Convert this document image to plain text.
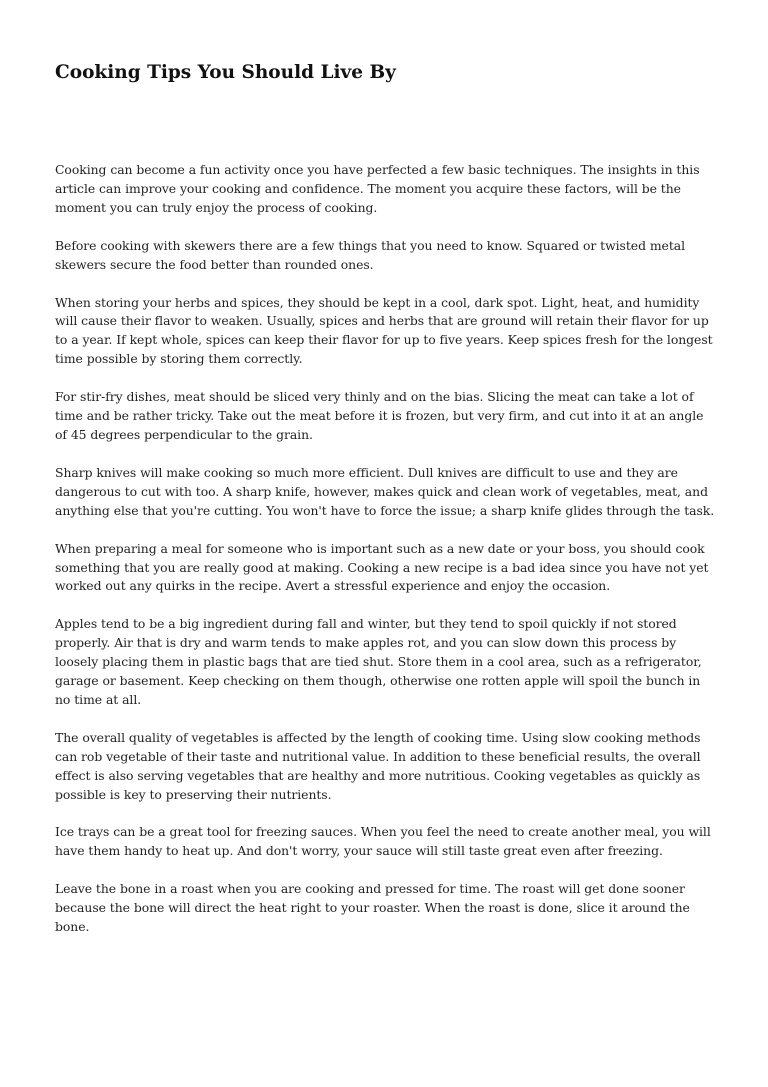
Cooking Tips You Should Live By

Cooking can become a fun activity once you have perfected a few basic techniques. The insights in this article can improve your cooking and confidence. The moment you acquire these factors, will be the moment you can truly enjoy the process of cooking.

Before cooking with skewers there are a few things that you need to know. Squared or twisted metal skewers secure the food better than rounded ones.

When storing your herbs and spices, they should be kept in a cool, dark spot. Light, heat, and humidity will cause their flavor to weaken. Usually, spices and herbs that are ground will retain their flavor for up to a year. If kept whole, spices can keep their flavor for up to five years. Keep spices fresh for the longest time possible by storing them correctly.

For stir-fry dishes, meat should be sliced very thinly and on the bias. Slicing the meat can take a lot of time and be rather tricky. Take out the meat before it is frozen, but very firm, and cut into it at an angle of 45 degrees perpendicular to the grain.

Sharp knives will make cooking so much more efficient. Dull knives are difficult to use and they are dangerous to cut with too. A sharp knife, however, makes quick and clean work of vegetables, meat, and anything else that you're cutting. You won't have to force the issue; a sharp knife glides through the task.

When preparing a meal for someone who is important such as a new date or your boss, you should cook something that you are really good at making. Cooking a new recipe is a bad idea since you have not yet worked out any quirks in the recipe. Avert a stressful experience and enjoy the occasion.

Apples tend to be a big ingredient during fall and winter, but they tend to spoil quickly if not stored properly. Air that is dry and warm tends to make apples rot, and you can slow down this process by loosely placing them in plastic bags that are tied shut. Store them in a cool area, such as a refrigerator, garage or basement. Keep checking on them though, otherwise one rotten apple will spoil the bunch in no time at all.

The overall quality of vegetables is affected by the length of cooking time. Using slow cooking methods can rob vegetable of their taste and nutritional value. In addition to these beneficial results, the overall effect is also serving vegetables that are healthy and more nutritious. Cooking vegetables as quickly as possible is key to preserving their nutrients.

Ice trays can be a great tool for freezing sauces. When you feel the need to create another meal, you will have them handy to heat up. And don't worry, your sauce will still taste great even after freezing.

Leave the bone in a roast when you are cooking and pressed for time. The roast will get done sooner because the bone will direct the heat right to your roaster. When the roast is done, slice it around the bone.
